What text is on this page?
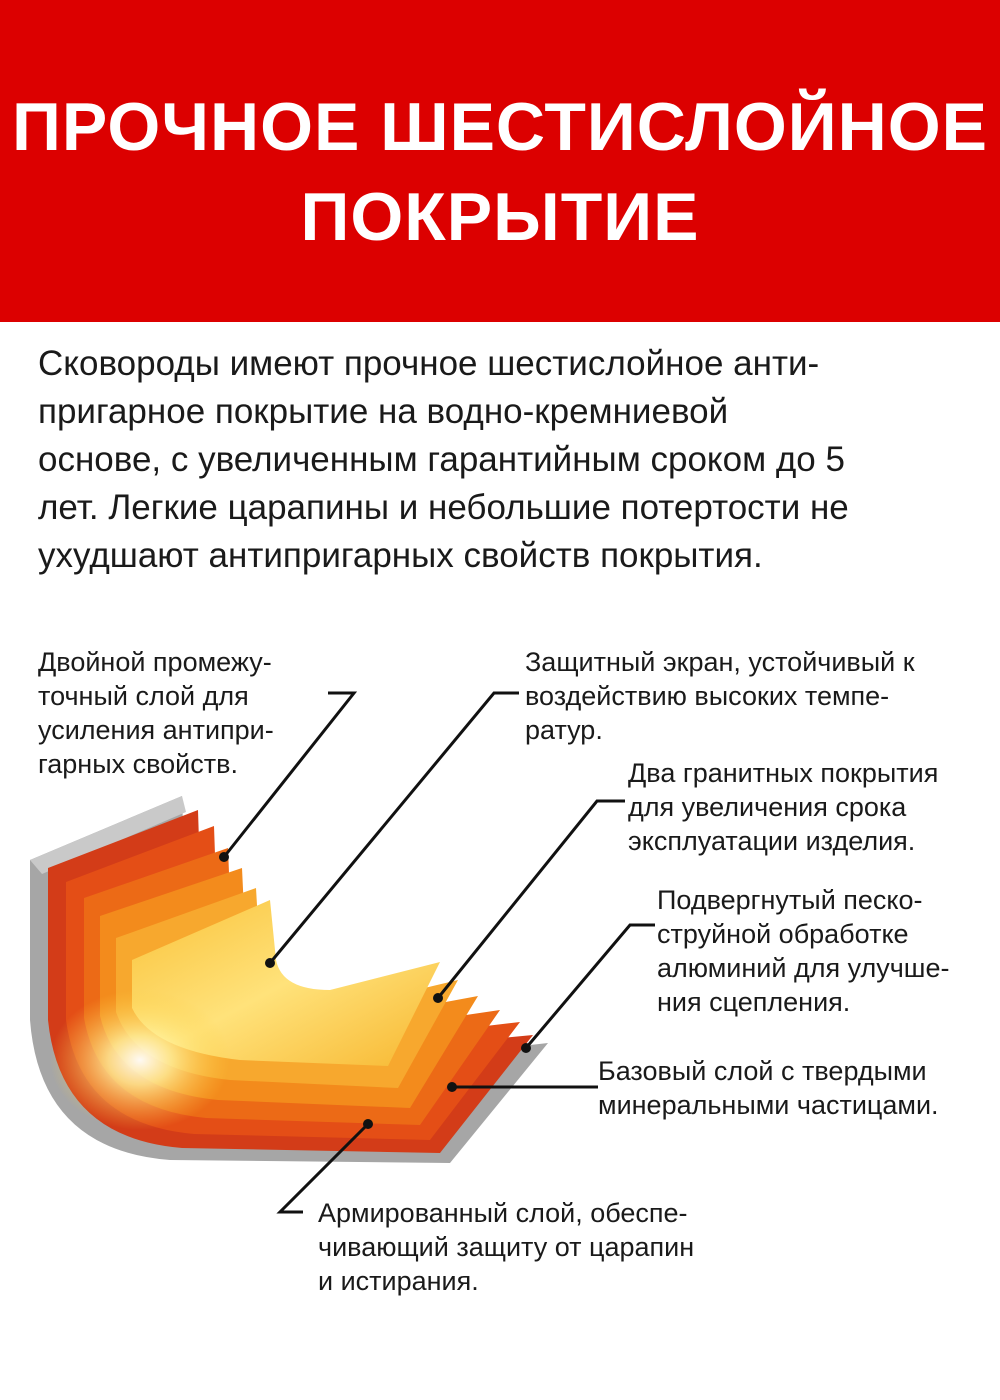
ПРОЧНОЕ ШЕСТИСЛОЙНОЕ
ПОКРЫТИЕ
Сковороды имеют прочное шестислойное анти-
пригарное покрытие на водно-кремниевой
основе, с увеличенным гарантийным сроком до 5
лет. Легкие царапины и небольшие потертости не
ухудшают антипригарных свойств покрытия.
Двойной промежу-
точный слой для
усиления антипри-
гарных свойств.
Защитный экран, устойчивый к
воздействию высоких темпе-
ратур.
Два гранитных покрытия
для увеличения срока
эксплуатации изделия.
Подвергнутый песко-
струйной обработке
алюминий для улучше-
ния сцепления.
Базовый слой с твердыми
минеральными частицами.
Армированный слой, обеспе-
чивающий защиту от царапин
и истирания.
